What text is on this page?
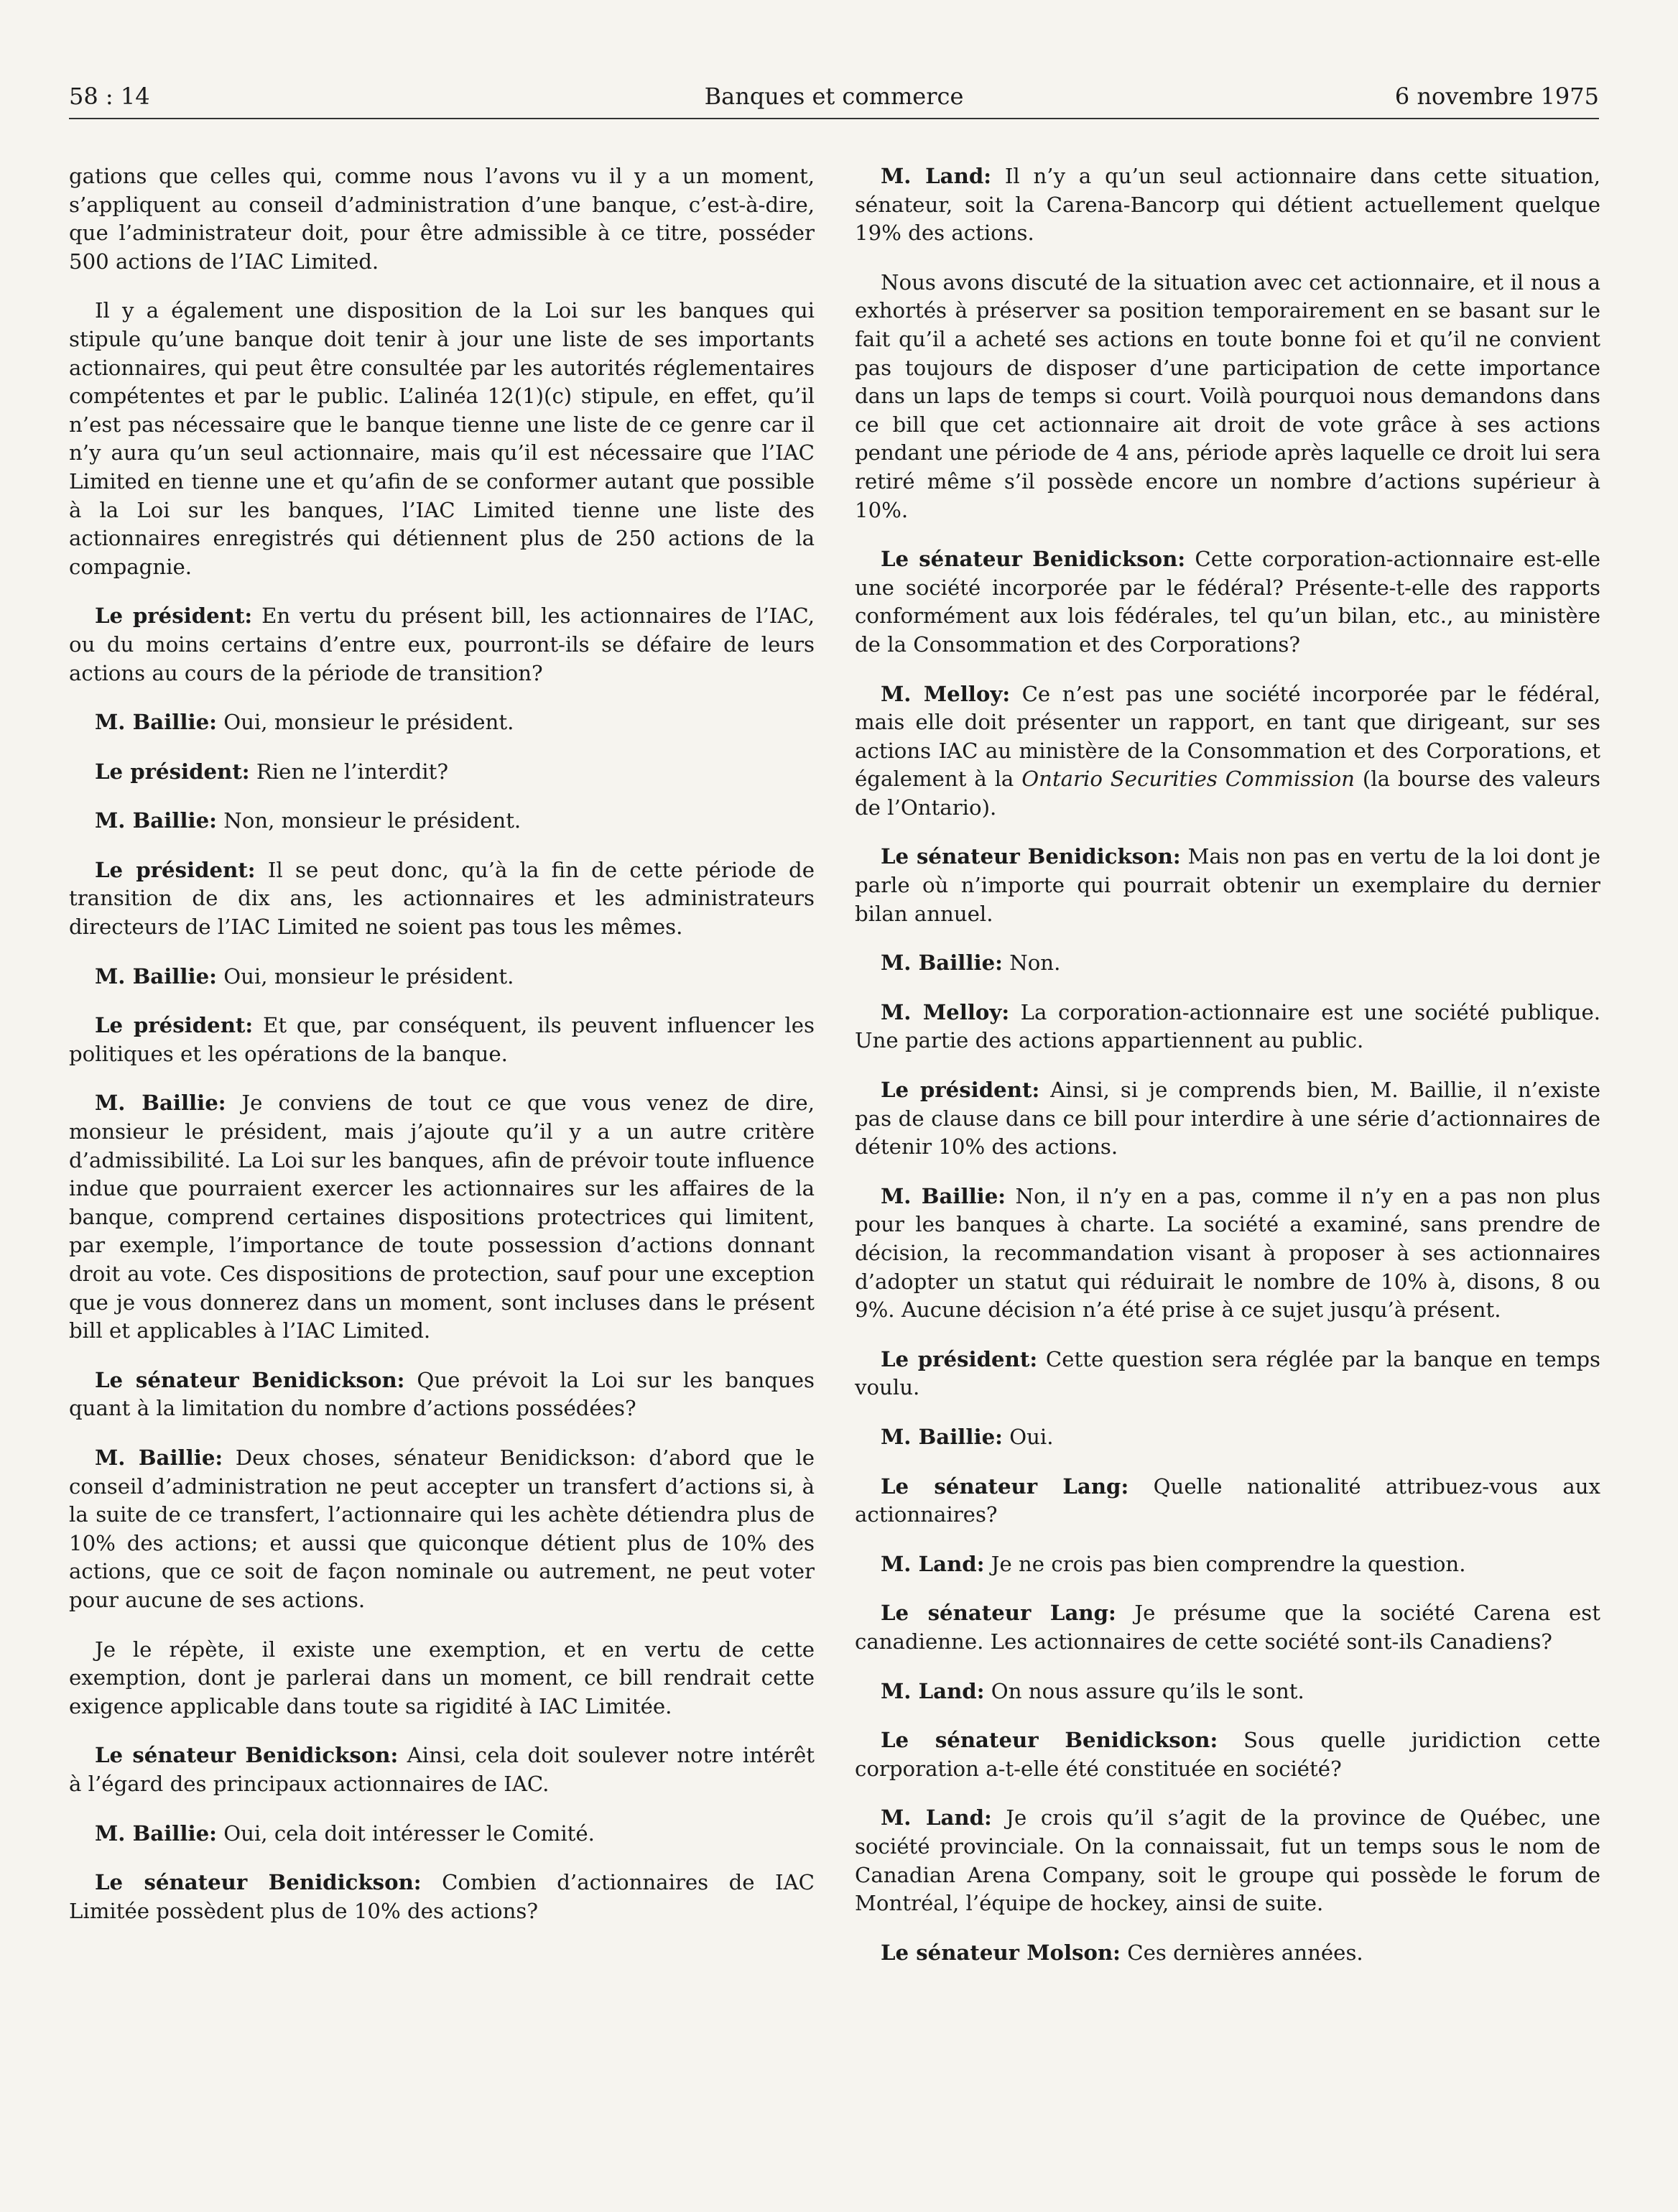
58 : 14	Banques et commerce	6 novembre 1975

gations que celles qui, comme nous l’avons vu il y a un moment, s’appliquent au conseil d’administration d’une banque, c’est-à-dire, que l’administrateur doit, pour être admissible à ce titre, posséder 500 actions de l’IAC Limited.

Il y a également une disposition de la Loi sur les banques qui stipule qu’une banque doit tenir à jour une liste de ses importants actionnaires, qui peut être consultée par les autorités réglementaires compétentes et par le public. L’alinéa 12(1)(c) stipule, en effet, qu’il n’est pas nécessaire que le banque tienne une liste de ce genre car il n’y aura qu’un seul actionnaire, mais qu’il est nécessaire que l’IAC Limited en tienne une et qu’afin de se conformer autant que possible à la Loi sur les banques, l’IAC Limited tienne une liste des actionnaires enregistrés qui détiennent plus de 250 actions de la compagnie.

Le président: En vertu du présent bill, les actionnaires de l’IAC, ou du moins certains d’entre eux, pourront-ils se défaire de leurs actions au cours de la période de transition?

M. Baillie: Oui, monsieur le président.

Le président: Rien ne l’interdit?

M. Baillie: Non, monsieur le président.

Le président: Il se peut donc, qu’à la fin de cette période de transition de dix ans, les actionnaires et les administrateurs directeurs de l’IAC Limited ne soient pas tous les mêmes.

M. Baillie: Oui, monsieur le président.

Le président: Et que, par conséquent, ils peuvent influencer les politiques et les opérations de la banque.

M. Baillie: Je conviens de tout ce que vous venez de dire, monsieur le président, mais j’ajoute qu’il y a un autre critère d’admissibilité. La Loi sur les banques, afin de prévoir toute influence indue que pourraient exercer les actionnaires sur les affaires de la banque, comprend certaines dispositions protectrices qui limitent, par exemple, l’importance de toute possession d’actions donnant droit au vote. Ces dispositions de protection, sauf pour une exception que je vous donnerez dans un moment, sont incluses dans le présent bill et applicables à l’IAC Limited.

Le sénateur Benidickson: Que prévoit la Loi sur les banques quant à la limitation du nombre d’actions possédées?

M. Baillie: Deux choses, sénateur Benidickson: d’abord que le conseil d’administration ne peut accepter un transfert d’actions si, à la suite de ce transfert, l’actionnaire qui les achète détiendra plus de 10% des actions; et aussi que quiconque détient plus de 10% des actions, que ce soit de façon nominale ou autrement, ne peut voter pour aucune de ses actions.

Je le répète, il existe une exemption, et en vertu de cette exemption, dont je parlerai dans un moment, ce bill rendrait cette exigence applicable dans toute sa rigidité à IAC Limitée.

Le sénateur Benidickson: Ainsi, cela doit soulever notre intérêt à l’égard des principaux actionnaires de IAC.

M. Baillie: Oui, cela doit intéresser le Comité.

Le sénateur Benidickson: Combien d’actionnaires de IAC Limitée possèdent plus de 10% des actions?

M. Land: Il n’y a qu’un seul actionnaire dans cette situation, sénateur, soit la Carena-Bancorp qui détient actuellement quelque 19% des actions.

Nous avons discuté de la situation avec cet actionnaire, et il nous a exhortés à préserver sa position temporairement en se basant sur le fait qu’il a acheté ses actions en toute bonne foi et qu’il ne convient pas toujours de disposer d’une participation de cette importance dans un laps de temps si court. Voilà pourquoi nous demandons dans ce bill que cet actionnaire ait droit de vote grâce à ses actions pendant une période de 4 ans, période après laquelle ce droit lui sera retiré même s’il possède encore un nombre d’actions supérieur à 10%.

Le sénateur Benidickson: Cette corporation-actionnaire est-elle une société incorporée par le fédéral? Présente-t-elle des rapports conformément aux lois fédérales, tel qu’un bilan, etc., au ministère de la Consommation et des Corporations?

M. Melloy: Ce n’est pas une société incorporée par le fédéral, mais elle doit présenter un rapport, en tant que dirigeant, sur ses actions IAC au ministère de la Consommation et des Corporations, et également à la Ontario Securities Commission (la bourse des valeurs de l’Ontario).

Le sénateur Benidickson: Mais non pas en vertu de la loi dont je parle où n’importe qui pourrait obtenir un exemplaire du dernier bilan annuel.

M. Baillie: Non.

M. Melloy: La corporation-actionnaire est une société publique. Une partie des actions appartiennent au public.

Le président: Ainsi, si je comprends bien, M. Baillie, il n’existe pas de clause dans ce bill pour interdire à une série d’actionnaires de détenir 10% des actions.

M. Baillie: Non, il n’y en a pas, comme il n’y en a pas non plus pour les banques à charte. La société a examiné, sans prendre de décision, la recommandation visant à proposer à ses actionnaires d’adopter un statut qui réduirait le nombre de 10% à, disons, 8 ou 9%. Aucune décision n’a été prise à ce sujet jusqu’à présent.

Le président: Cette question sera réglée par la banque en temps voulu.

M. Baillie: Oui.

Le sénateur Lang: Quelle nationalité attribuez-vous aux actionnaires?

M. Land: Je ne crois pas bien comprendre la question.

Le sénateur Lang: Je présume que la société Carena est canadienne. Les actionnaires de cette société sont-ils Canadiens?

M. Land: On nous assure qu’ils le sont.

Le sénateur Benidickson: Sous quelle juridiction cette corporation a-t-elle été constituée en société?

M. Land: Je crois qu’il s’agit de la province de Québec, une société provinciale. On la connaissait, fut un temps sous le nom de Canadian Arena Company, soit le groupe qui possède le forum de Montréal, l’équipe de hockey, ainsi de suite.

Le sénateur Molson: Ces dernières années.
